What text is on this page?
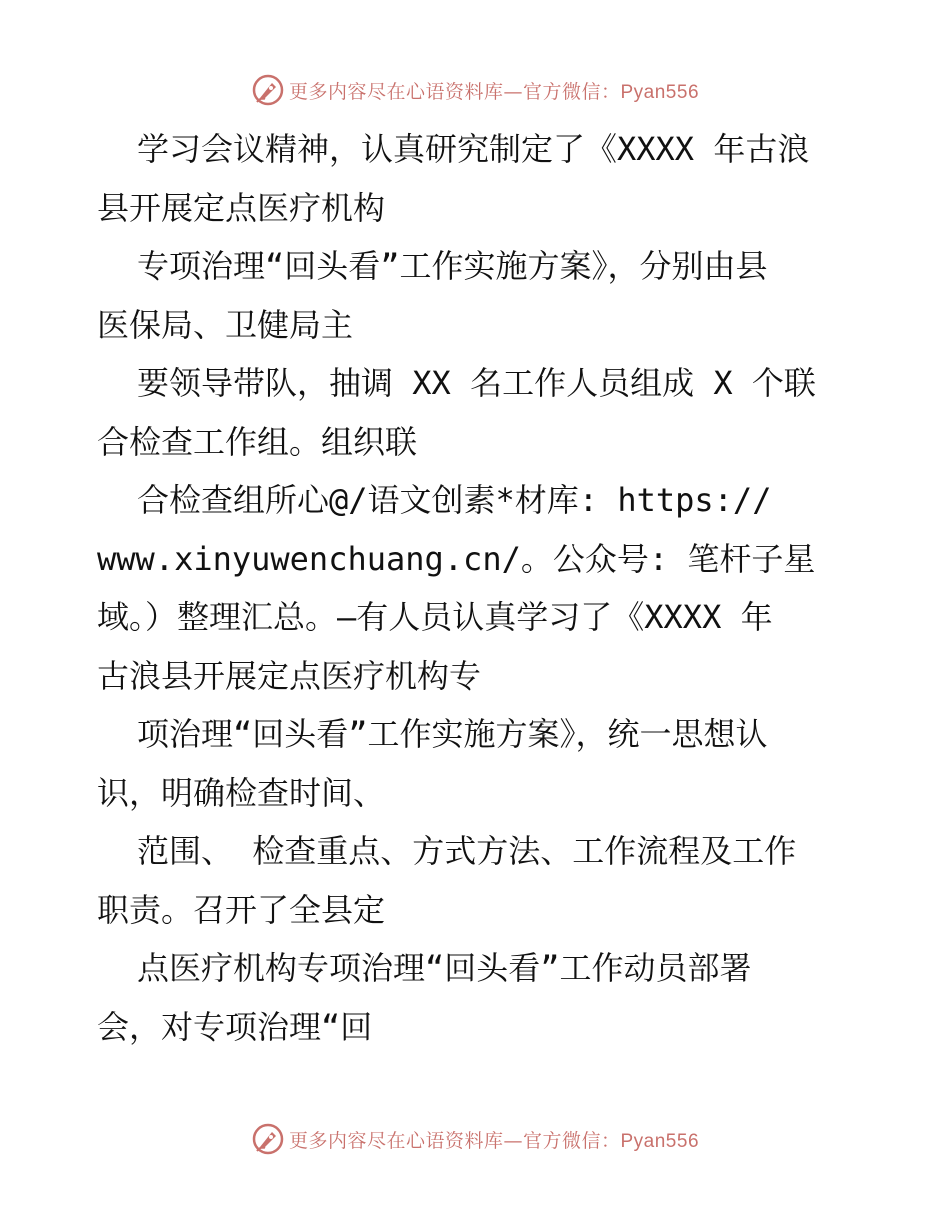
更多内容尽在心语资料库—官方微信：Pyan556
学习会议精神，认真研究制定了《XXXX 年古浪
县开展定点医疗机构
专项治理“回头看”工作实施方案》，分别由县
医保局、卫健局主
要领导带队，抽调 XX 名工作人员组成 X 个联
合检查工作组。组织联
合检查组所心@/语文创素*材库: https://
www.xinyuwenchuang.cn/。公众号: 笔杆子星
域。）整理汇总。—有人员认真学习了《XXXX 年
古浪县开展定点医疗机构专
项治理“回头看”工作实施方案》，统一思想认
识，明确检查时间、
范围、 检查重点、方式方法、工作流程及工作
职责。召开了全县定
点医疗机构专项治理“回头看”工作动员部署
会，对专项治理“回
更多内容尽在心语资料库—官方微信：Pyan556
